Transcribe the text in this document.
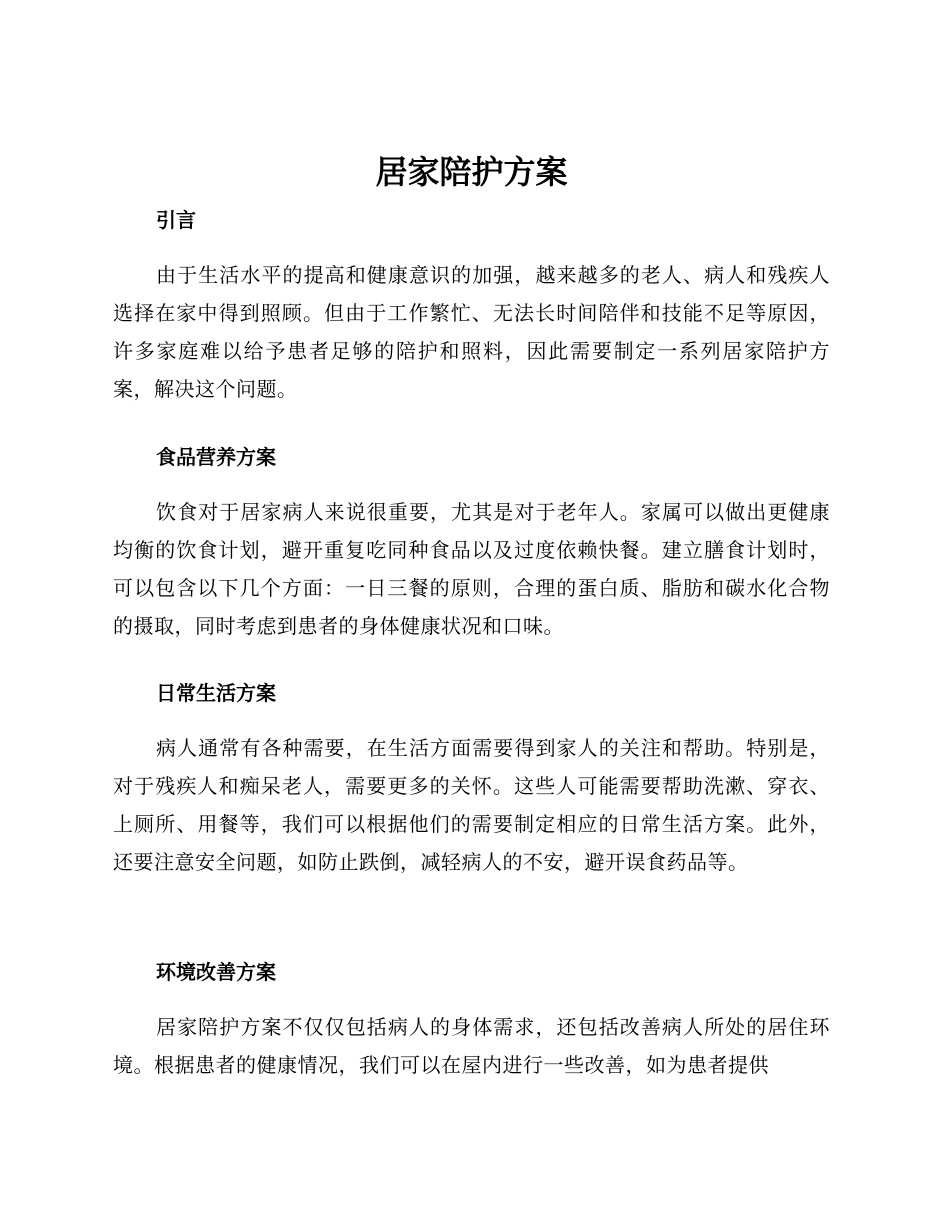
居家陪护方案
引言

由于生活水平的提高和健康意识的加强，越来越多的老人、病人和残疾人选择在家中得到照顾。但由于工作繁忙、无法长时间陪伴和技能不足等原因，许多家庭难以给予患者足够的陪护和照料，因此需要制定一系列居家陪护方案，解决这个问题。

食品营养方案

饮食对于居家病人来说很重要，尤其是对于老年人。家属可以做出更健康均衡的饮食计划，避开重复吃同种食品以及过度依赖快餐。建立膳食计划时，可以包含以下几个方面：一日三餐的原则，合理的蛋白质、脂肪和碳水化合物的摄取，同时考虑到患者的身体健康状况和口味。

日常生活方案

病人通常有各种需要，在生活方面需要得到家人的关注和帮助。特别是，对于残疾人和痴呆老人，需要更多的关怀。这些人可能需要帮助洗漱、穿衣、上厕所、用餐等，我们可以根据他们的需要制定相应的日常生活方案。此外，还要注意安全问题，如防止跌倒，减轻病人的不安，避开误食药品等。

环境改善方案

居家陪护方案不仅仅包括病人的身体需求，还包括改善病人所处的居住环境。根据患者的健康情况，我们可以在屋内进行一些改善，如为患者提供
